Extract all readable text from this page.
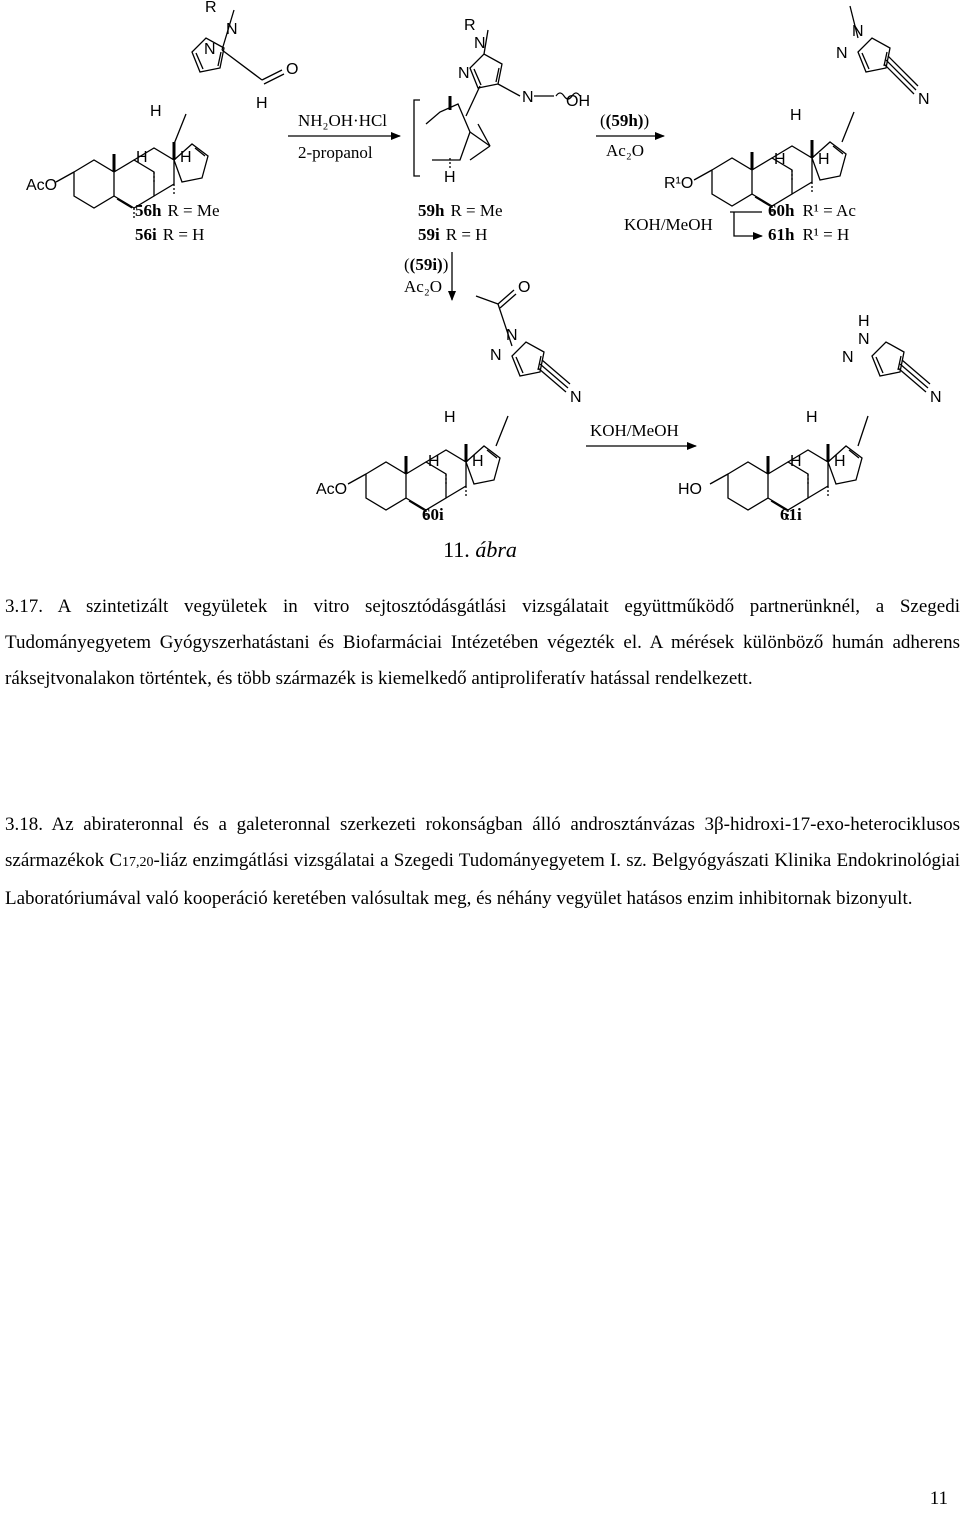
AcO
R
N
N
O
H
H
H H
56h R = Me
56i R = H
NH₂OH·HCl
2-propanol
R
N
N
N OH
H
59h R = Me
59i R = H
((59h))
Ac₂O
R¹O
N
N
N
H
H H
KOH/MeOH
60h R¹ = Ac
61h R¹ = H
((59i))
Ac₂O
AcO
O
N
N
N
H
H H
60i
KOH/MeOH
HO
H
N
N
N
H
H H
61i
11. ábra

3.17. A szintetizált vegyületek in vitro sejtosztódásgátlási vizsgálatait együttműködő partnerünknél, a Szegedi Tudományegyetem Gyógyszerhatástani és Biofarmáciai Intézetében végezték el. A mérések különböző humán adherens ráksejtvonalakon történtek, és több származék is kiemelkedő antiproliferatív hatással rendelkezett.

3.18. Az abirateronnal és a galeteronnal szerkezeti rokonságban álló androsztánvázas 3β-hidroxi-17-exo-heterociklusos származékok C17,20-liáz enzimgátlási vizsgálatai a Szegedi Tudományegyetem I. sz. Belgyógyászati Klinika Endokrinológiai Laboratóriumával való kooperáció keretében valósultak meg, és néhány vegyület hatásos enzim inhibitornak bizonyult.

11
